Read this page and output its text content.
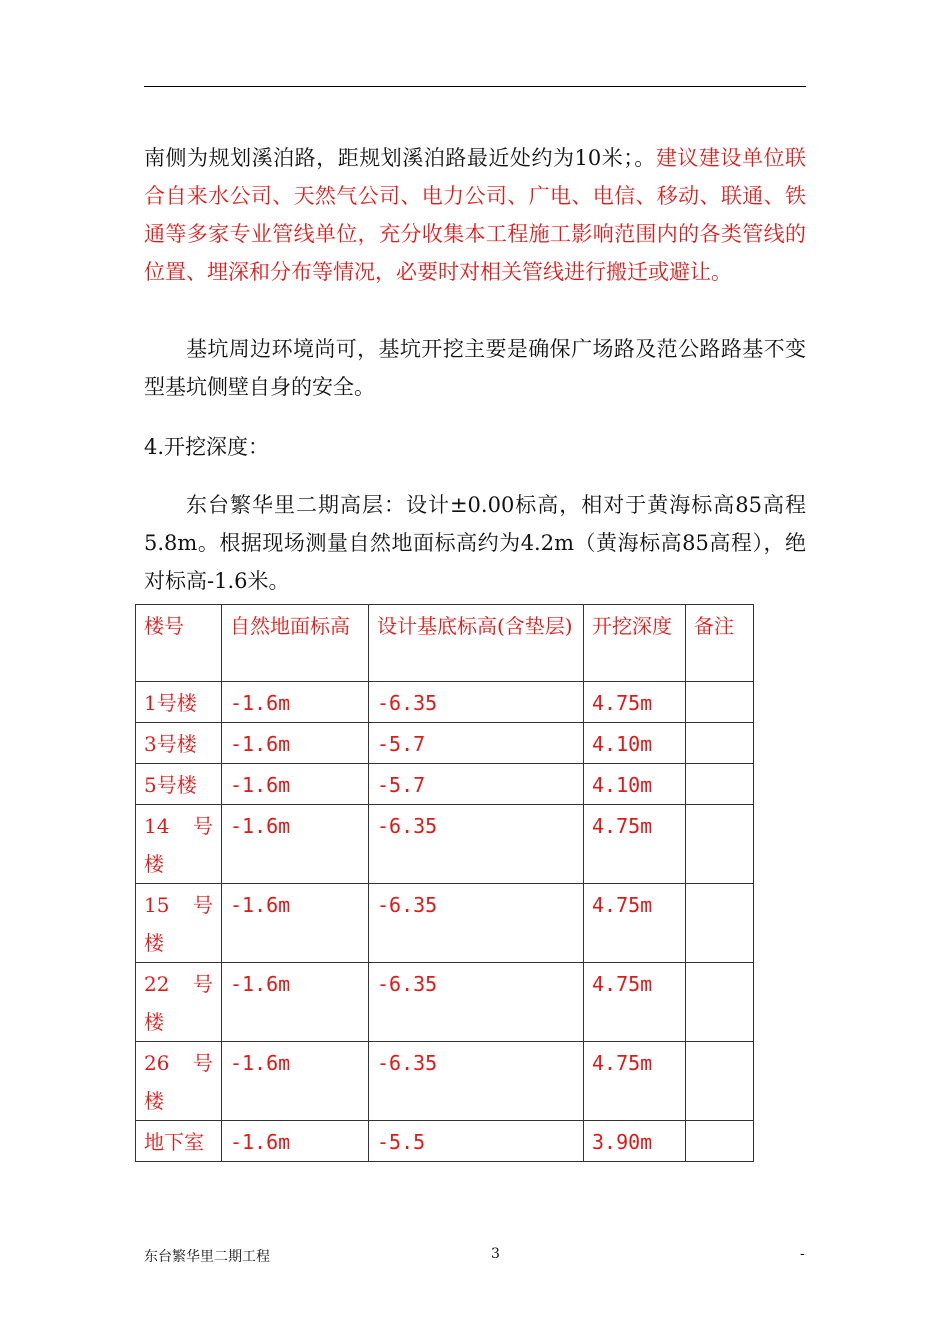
南侧为规划溪泊路，距规划溪泊路最近处约为10米；。建议建设单位联合自来水公司、天然气公司、电力公司、广电、电信、移动、联通、铁通等多家专业管线单位，充分收集本工程施工影响范围内的各类管线的位置、埋深和分布等情况，必要时对相关管线进行搬迁或避让。

基坑周边环境尚可，基坑开挖主要是确保广场路及范公路路基不变型基坑侧壁自身的安全。

4.开挖深度：

东台繁华里二期高层：设计±0.00标高，相对于黄海标高85高程5.8m。根据现场测量自然地面标高约为4.2m（黄海标高85高程），绝对标高-1.6米。

楼号	自然地面标高	设计基底标高(含垫层)	开挖深度	备注
1号楼	-1.6m	-6.35	4.75m	
3号楼	-1.6m	-5.7	4.10m	
5号楼	-1.6m	-5.7	4.10m	
14 号楼	-1.6m	-6.35	4.75m	
15 号楼	-1.6m	-6.35	4.75m	
22 号楼	-1.6m	-6.35	4.75m	
26 号楼	-1.6m	-6.35	4.75m	
地下室	-1.6m	-5.5	3.90m	
东台繁华里二期工程	3	-
